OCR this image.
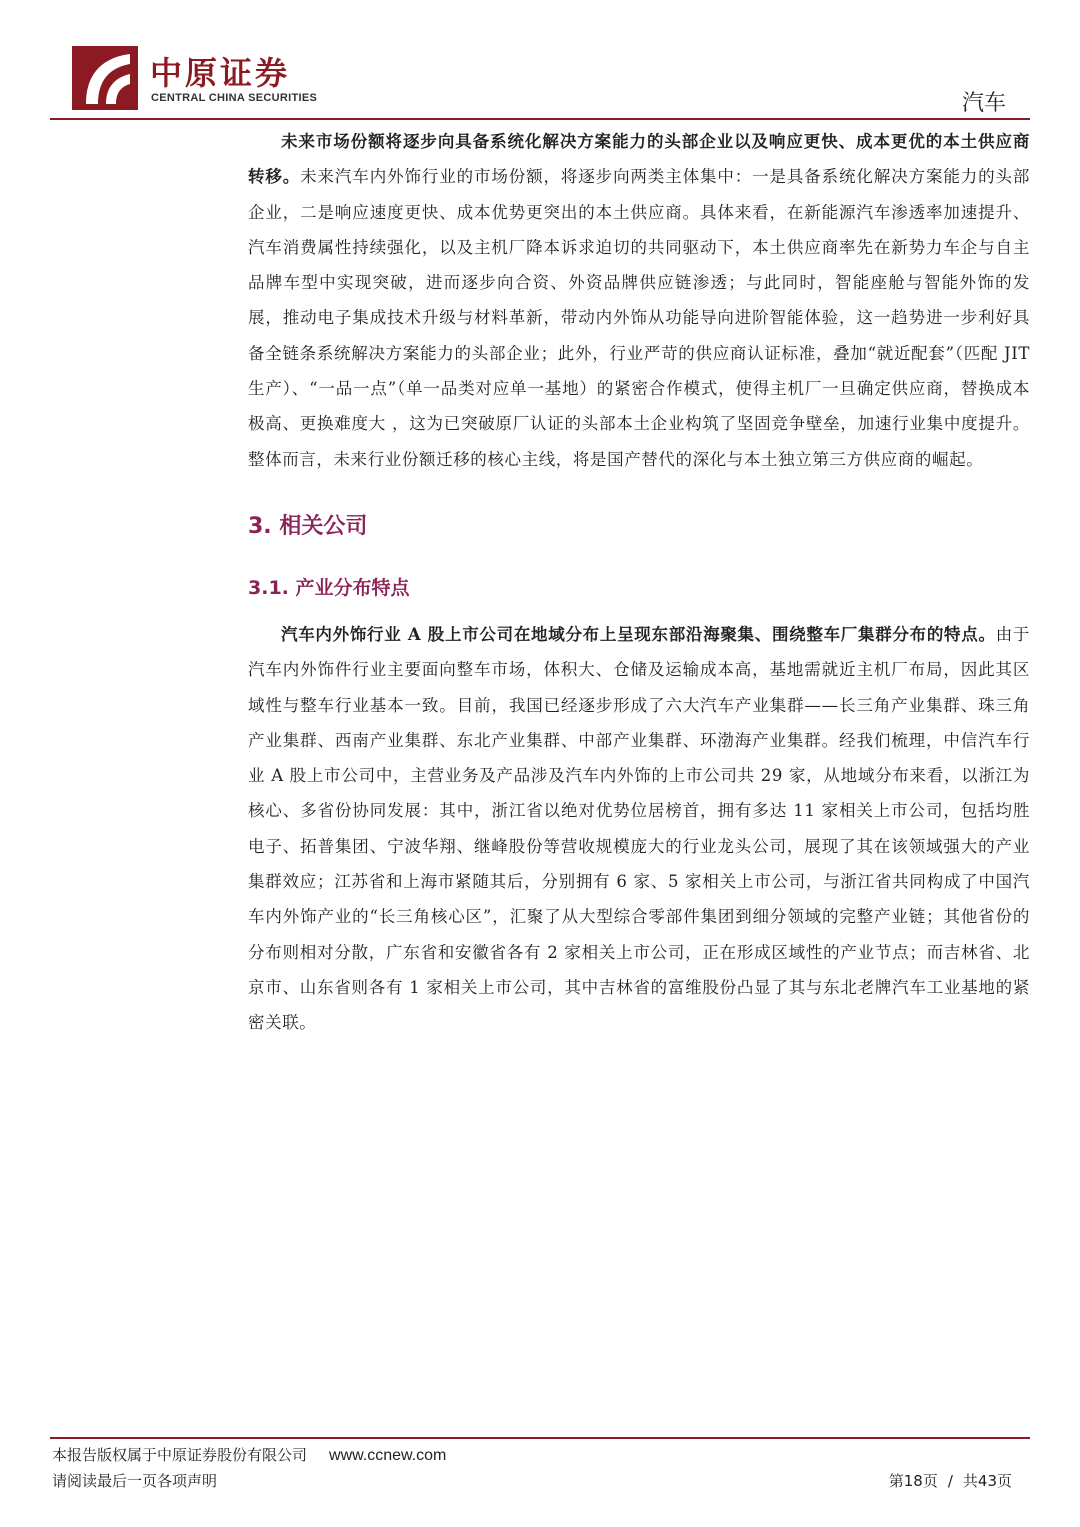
中原证券
CENTRAL CHINA SECURITIES	汽车

未来市场份额将逐步向具备系统化解决方案能力的头部企业以及响应更快、成本更优的本土供应商转移。未来汽车内外饰行业的市场份额，将逐步向两类主体集中：一是具备系统化解决方案能力的头部企业，二是响应速度更快、成本优势更突出的本土供应商。具体来看，在新能源汽车渗透率加速提升、汽车消费属性持续强化，以及主机厂降本诉求迫切的共同驱动下，本土供应商率先在新势力车企与自主品牌车型中实现突破，进而逐步向合资、外资品牌供应链渗透；与此同时，智能座舱与智能外饰的发展，推动电子集成技术升级与材料革新，带动内外饰从功能导向进阶智能体验，这一趋势进一步利好具备全链条系统解决方案能力的头部企业；此外，行业严苛的供应商认证标准，叠加“就近配套”（匹配 JIT 生产）、“一品一点”（单一品类对应单一基地）的紧密合作模式，使得主机厂一旦确定供应商，替换成本极高、更换难度大 ，这为已突破原厂认证的头部本土企业构筑了坚固竞争壁垒，加速行业集中度提升。整体而言，未来行业份额迁移的核心主线，将是国产替代的深化与本土独立第三方供应商的崛起。

3. 相关公司
3.1. 产业分布特点

汽车内外饰行业 A 股上市公司在地域分布上呈现东部沿海聚集、围绕整车厂集群分布的特点。由于汽车内外饰件行业主要面向整车市场，体积大、仓储及运输成本高，基地需就近主机厂布局，因此其区域性与整车行业基本一致。目前，我国已经逐步形成了六大汽车产业集群——长三角产业集群、珠三角产业集群、西南产业集群、东北产业集群、中部产业集群、环渤海产业集群。经我们梳理，中信汽车行业 A 股上市公司中，主营业务及产品涉及汽车内外饰的上市公司共 29 家，从地域分布来看，以浙江为核心、多省份协同发展：其中，浙江省以绝对优势位居榜首，拥有多达 11 家相关上市公司，包括均胜电子、拓普集团、宁波华翔、继峰股份等营收规模庞大的行业龙头公司，展现了其在该领域强大的产业集群效应；江苏省和上海市紧随其后，分别拥有 6 家、5 家相关上市公司，与浙江省共同构成了中国汽车内外饰产业的“长三角核心区”，汇聚了从大型综合零部件集团到细分领域的完整产业链；其他省份的分布则相对分散，广东省和安徽省各有 2 家相关上市公司，正在形成区域性的产业节点；而吉林省、北京市、山东省则各有 1 家相关上市公司，其中吉林省的富维股份凸显了其与东北老牌汽车工业基地的紧密关联。

本报告版权属于中原证券股份有限公司 www.ccnew.com
请阅读最后一页各项声明	第18页 / 共43页
